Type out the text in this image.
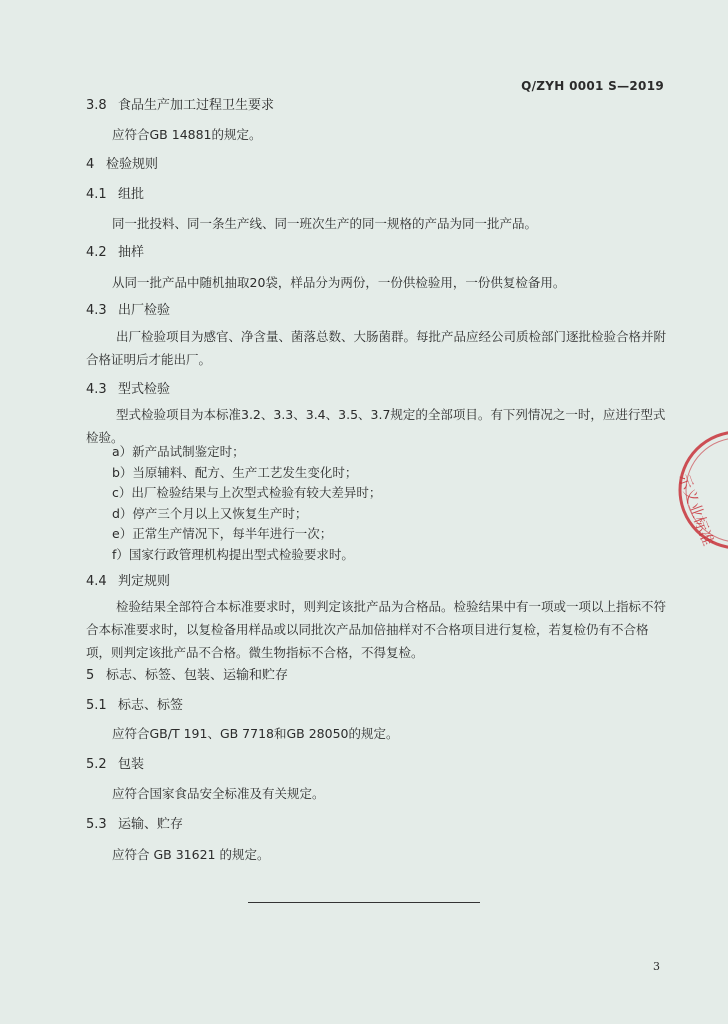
Q/ZYH 0001 S—2019
3.8 食品生产加工过程卫生要求
应符合GB 14881的规定。
4 检验规则
4.1 组批
同一批投料、同一条生产线、同一班次生产的同一规格的产品为同一批产品。
4.2 抽样
从同一批产品中随机抽取20袋，样品分为两份，一份供检验用，一份供复检备用。
4.3 出厂检验
出厂检验项目为感官、净含量、菌落总数、大肠菌群。每批产品应经公司质检部门逐批检验合格并附合格证明后才能出厂。
4.3 型式检验
型式检验项目为本标准3.2、3.3、3.4、3.5、3.7规定的全部项目。有下列情况之一时，应进行型式检验。
a）新产品试制鉴定时；
b）当原辅料、配方、生产工艺发生变化时；
c）出厂检验结果与上次型式检验有较大差异时；
d）停产三个月以上又恢复生产时；
e）正常生产情况下，每半年进行一次；
f）国家行政管理机构提出型式检验要求时。
4.4 判定规则
检验结果全部符合本标准要求时，则判定该批产品为合格品。检验结果中有一项或一项以上指标不符合本标准要求时，以复检备用样品或以同批次产品加倍抽样对不合格项目进行复检，若复检仍有不合格项，则判定该批产品不合格。微生物指标不合格，不得复检。
5 标志、标签、包装、运输和贮存
5.1 标志、标签
应符合GB/T 191、GB 7718和GB 28050的规定。
5.2 包装
应符合国家食品安全标准及有关规定。
5.3 运输、贮存
应符合 GB 31621 的规定。
3
示义业标准
